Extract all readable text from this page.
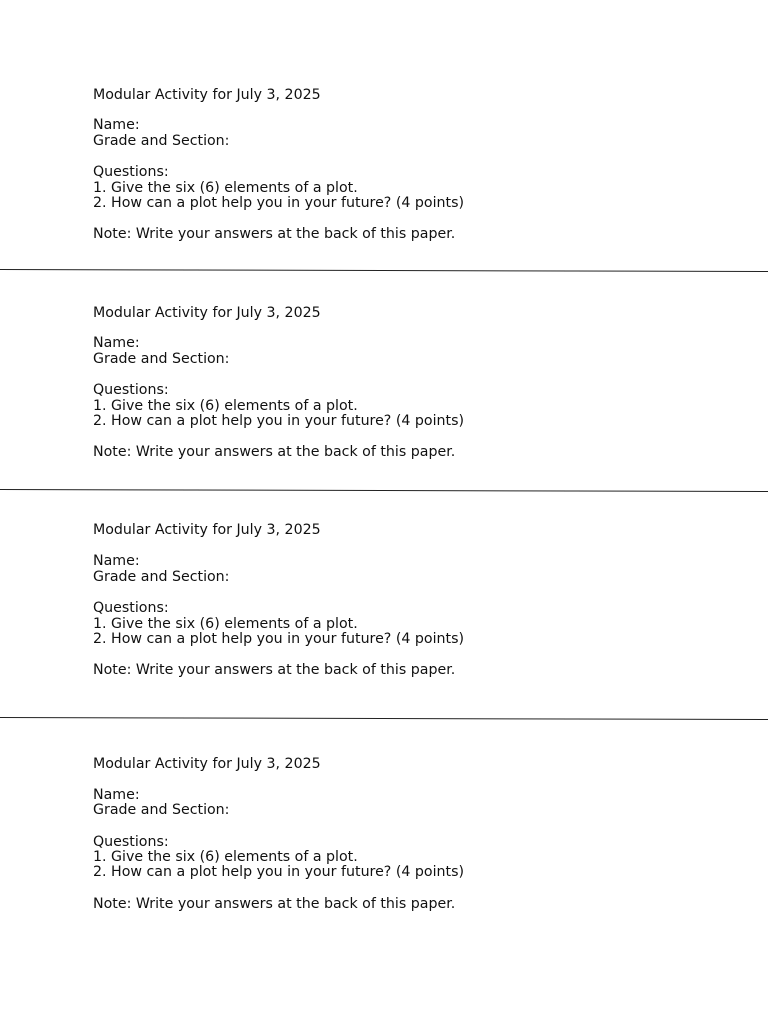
Modular Activity for July 3, 2025
Name:
Grade and Section:
Questions:
1. Give the six (6) elements of a plot.
2. How can a plot help you in your future? (4 points)
Note: Write your answers at the back of this paper.
Modular Activity for July 3, 2025
Name:
Grade and Section:
Questions:
1. Give the six (6) elements of a plot.
2. How can a plot help you in your future? (4 points)
Note: Write your answers at the back of this paper.
Modular Activity for July 3, 2025
Name:
Grade and Section:
Questions:
1. Give the six (6) elements of a plot.
2. How can a plot help you in your future? (4 points)
Note: Write your answers at the back of this paper.
Modular Activity for July 3, 2025
Name:
Grade and Section:
Questions:
1. Give the six (6) elements of a plot.
2. How can a plot help you in your future? (4 points)
Note: Write your answers at the back of this paper.
